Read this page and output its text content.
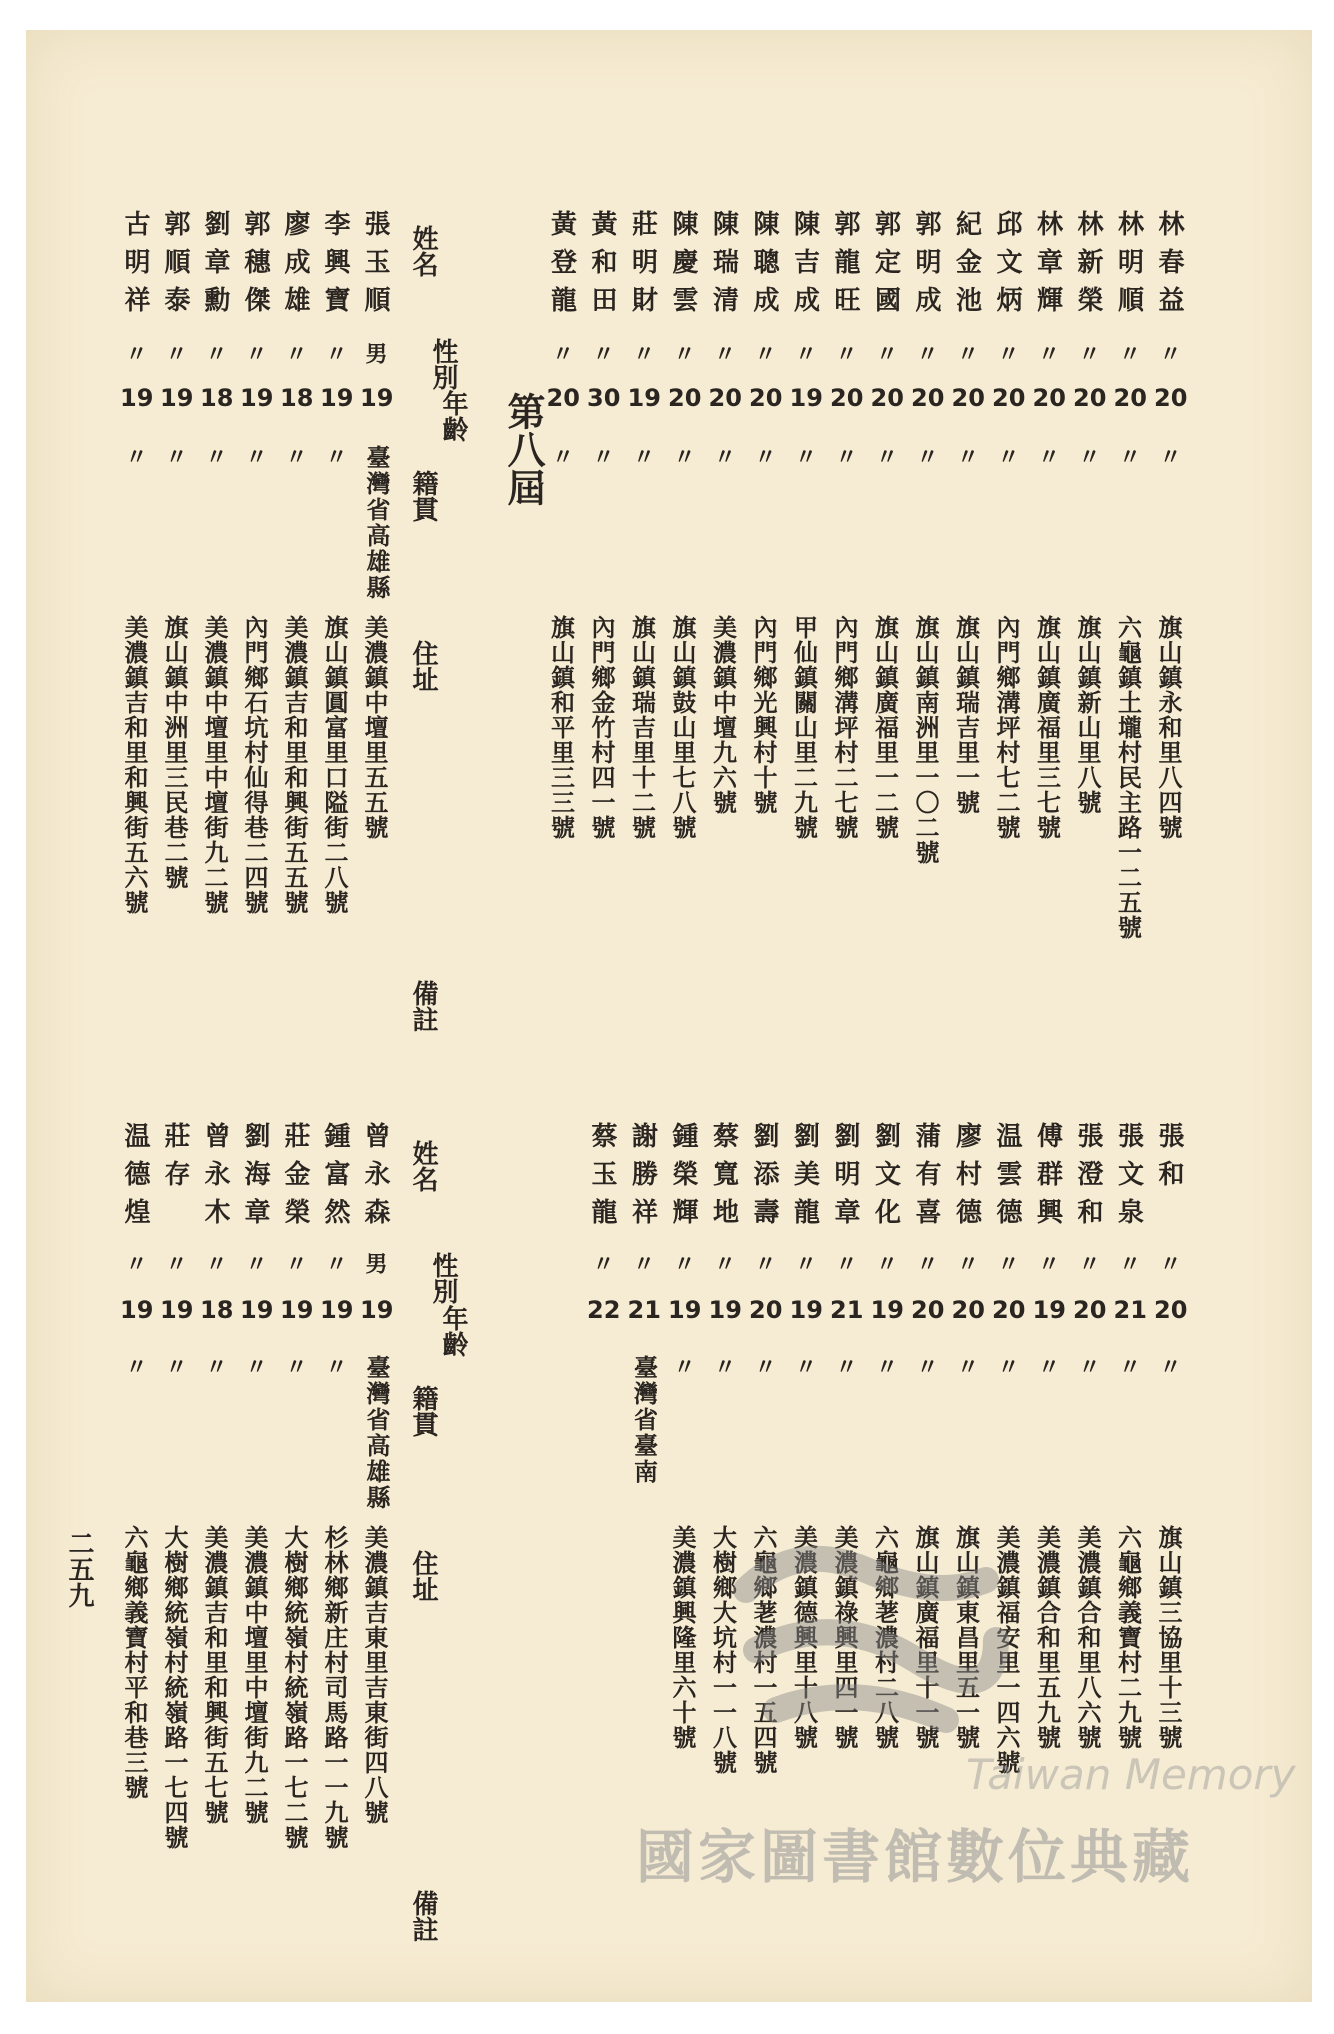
第八屆
姓名
性別
年齡
籍貫
住址
備註
姓名
性別
年齡
籍貫
住址
備註
二五九
林春益
〃
20
〃
旗山鎮永和里八四號
林明順
〃
20
〃
六龜鎮土壠村民主路一二五號
林新榮
〃
20
〃
旗山鎮新山里八號
林章輝
〃
20
〃
旗山鎮廣福里三七號
邱文炳
〃
20
〃
內門鄉溝坪村七二號
紀金池
〃
20
〃
旗山鎮瑞吉里一號
郭明成
〃
20
〃
旗山鎮南洲里一〇二號
郭定國
〃
20
〃
旗山鎮廣福里一二號
郭龍旺
〃
20
〃
內門鄉溝坪村二七號
陳吉成
〃
19
〃
甲仙鎮關山里二九號
陳聰成
〃
20
〃
內門鄉光興村十號
陳瑞清
〃
20
〃
美濃鎮中壇九六號
陳慶雲
〃
20
〃
旗山鎮鼓山里七八號
莊明財
〃
19
〃
旗山鎮瑞吉里十二號
黃和田
〃
30
〃
內門鄉金竹村四一號
黃登龍
〃
20
〃
旗山鎮和平里三三號
張玉順
男
19
臺灣省高雄縣
美濃鎮中壇里五五號
李興寶
〃
19
〃
旗山鎮圓富里口隘街二八號
廖成雄
〃
18
〃
美濃鎮吉和里和興街五五號
郭穗傑
〃
19
〃
內門鄉石坑村仙得巷二四號
劉章勳
〃
18
〃
美濃鎮中壇里中壇街九二號
郭順泰
〃
19
〃
旗山鎮中洲里三民巷二號
古明祥
〃
19
〃
美濃鎮吉和里和興街五六號
張和
〃
20
〃
旗山鎮三協里十三號
張文泉
〃
21
〃
六龜鄉義寶村二九號
張澄和
〃
20
〃
美濃鎮合和里八六號
傅群興
〃
19
〃
美濃鎮合和里五九號
温雲德
〃
20
〃
美濃鎮福安里一四六號
廖村德
〃
20
〃
旗山鎮東昌里五一號
蒲有喜
〃
20
〃
旗山鎮廣福里十一號
劉文化
〃
19
〃
六龜鄉荖濃村二八號
劉明章
〃
21
〃
美濃鎮祿興里四一號
劉美龍
〃
19
〃
美濃鎮德興里十八號
劉添壽
〃
20
〃
六龜鄉荖濃村一五四號
蔡寬地
〃
19
〃
大樹鄉大坑村一一八號
鍾榮輝
〃
19
〃
美濃鎮興隆里六十號
謝勝祥
〃
21
臺灣省臺南
蔡玉龍
〃
22
曾永森
男
19
臺灣省高雄縣
美濃鎮吉東里吉東街四八號
鍾富然
〃
19
〃
杉林鄉新庄村司馬路一一九號
莊金榮
〃
19
〃
大樹鄉統嶺村統嶺路一七二號
劉海章
〃
19
〃
美濃鎮中壇里中壇街九二號
曾永木
〃
18
〃
美濃鎮吉和里和興街五七號
莊存
〃
19
〃
大樹鄉統嶺村統嶺路一七四號
温德煌
〃
19
〃
六龜鄉義寶村平和巷三號	Taiwan Memory
國家圖書館數位典藏
